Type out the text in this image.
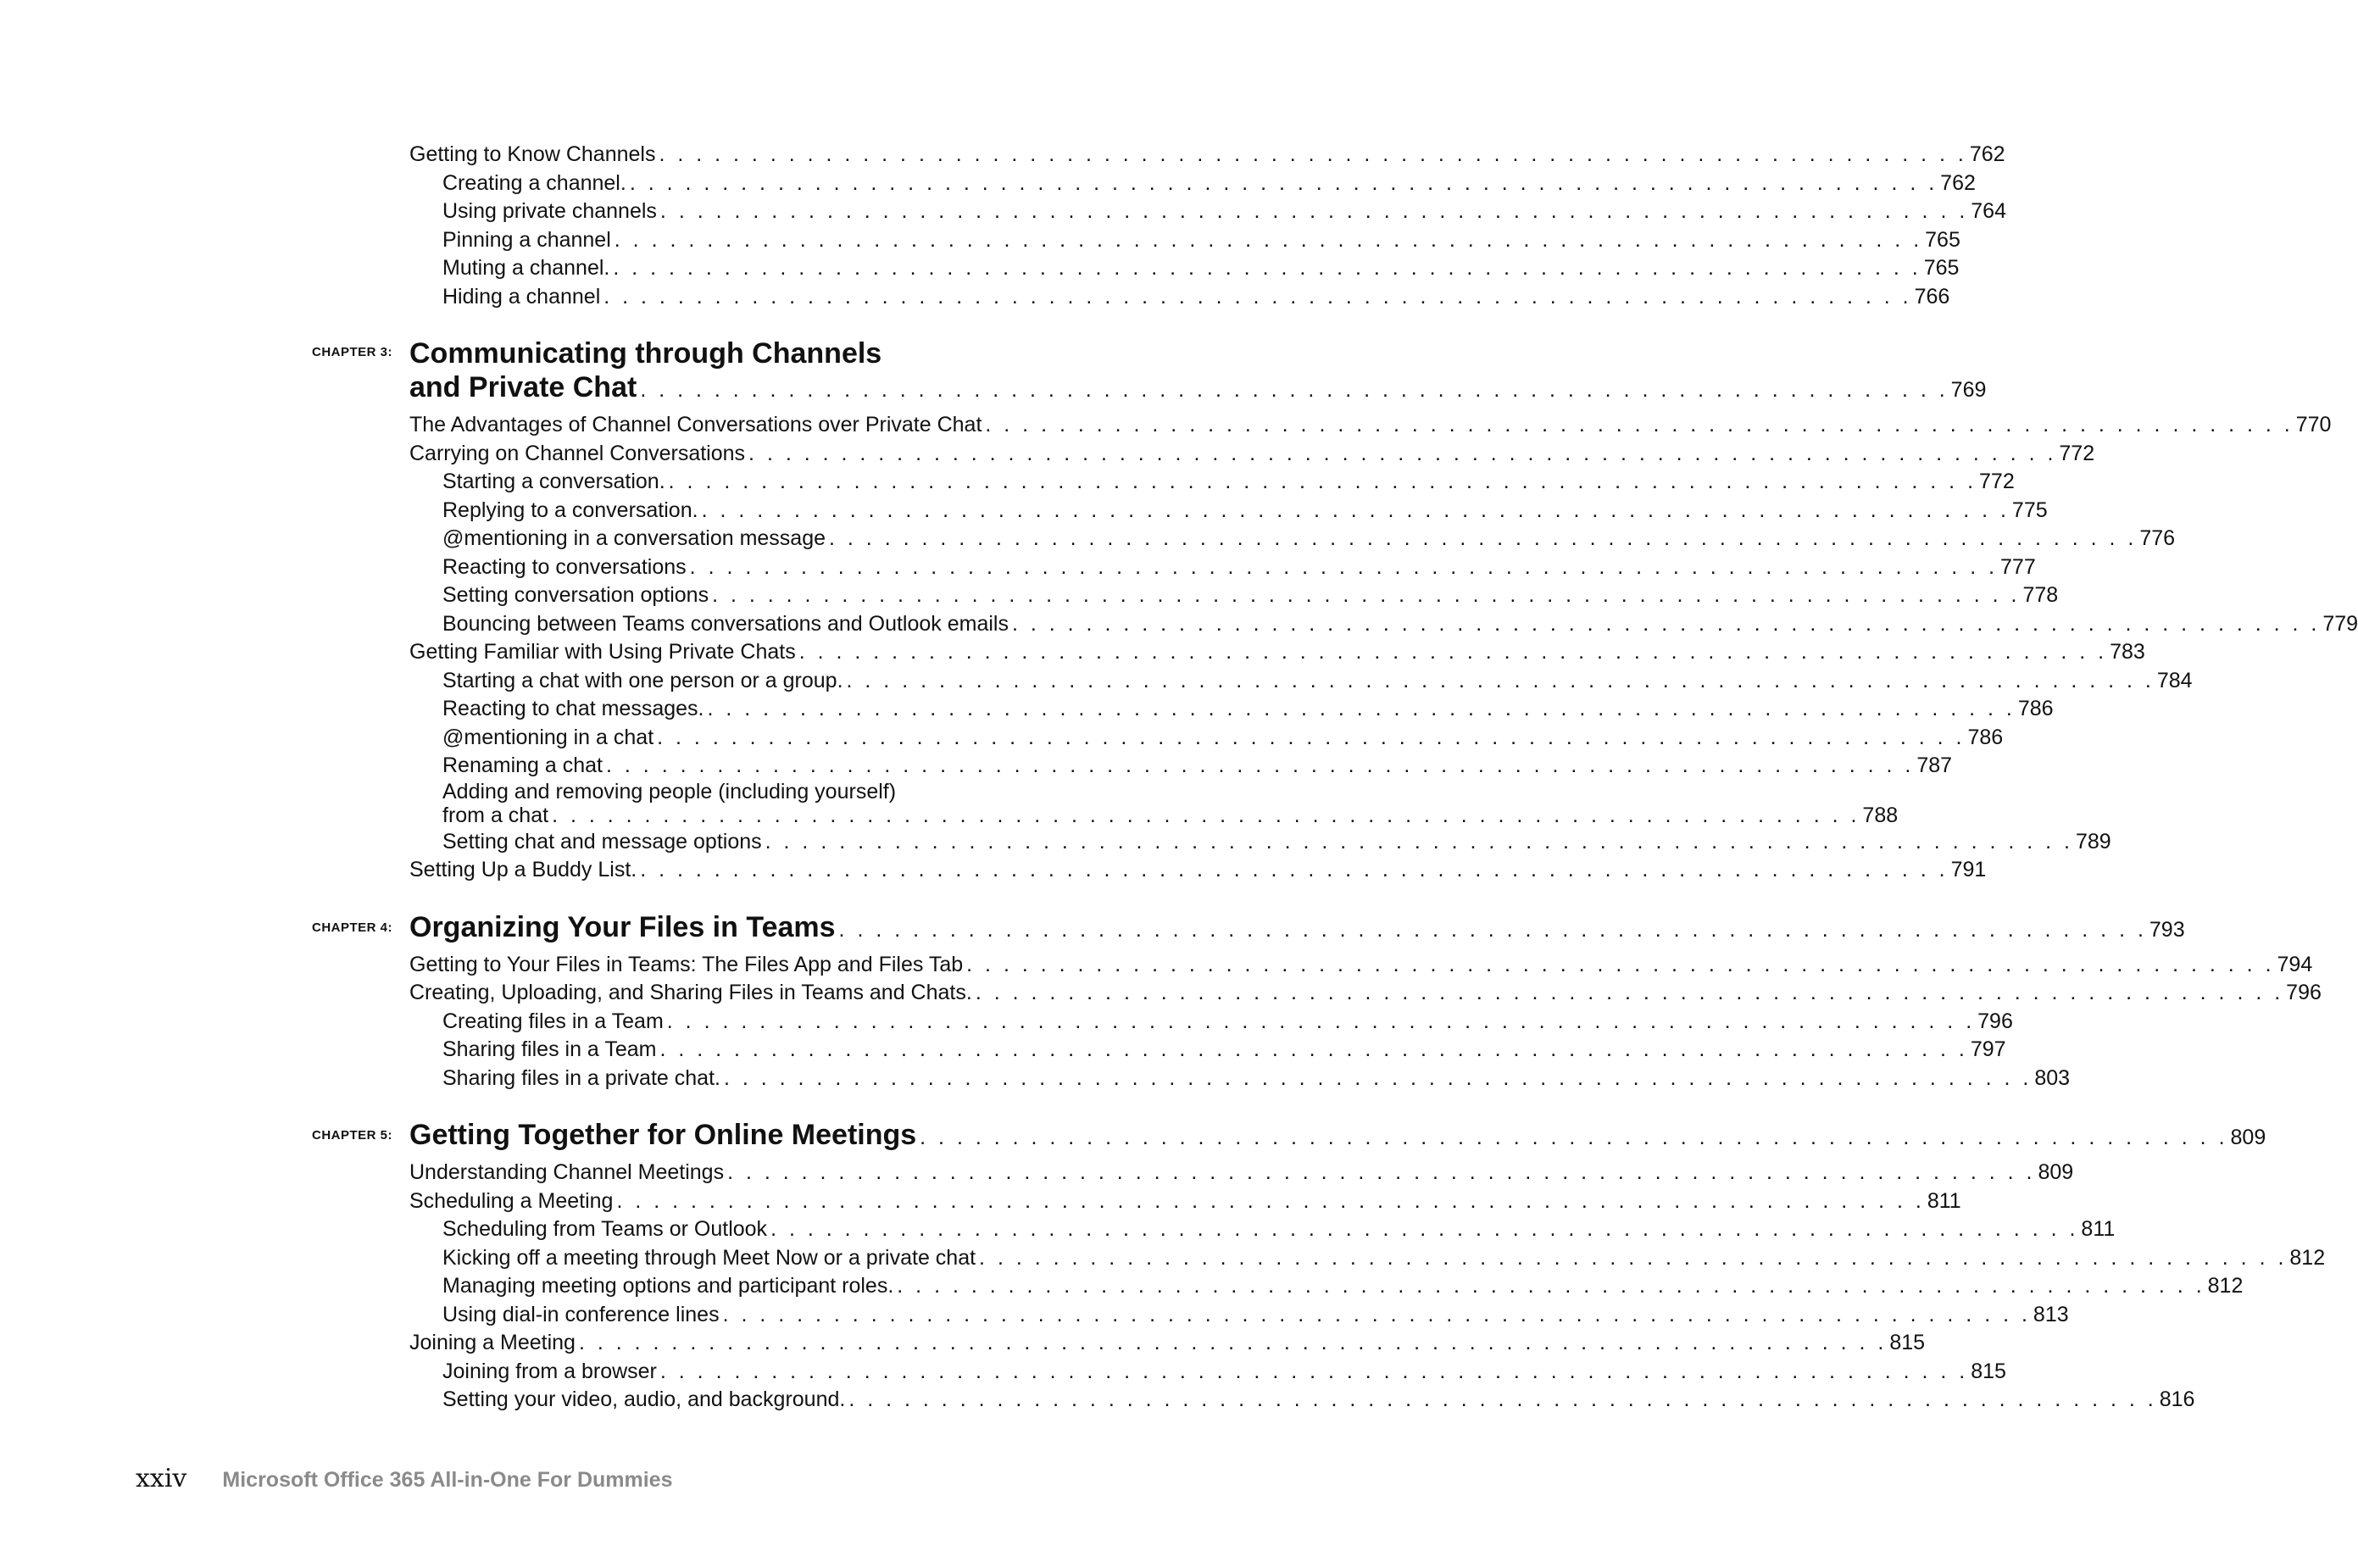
Getting to Know Channels . . . . . . . . . . . . . . . . . . . . . . . . . . . . . . . . . . . . . . . . . . . . . . . . . . . . . . . . . . . . . . . . . . . . . . . 762
Creating a channel. . . . . . . . . . . . . . . . . . . . . . . . . . . . . . . . . . . . . . . . . . . . . . . . . . . . . . . . . . . . . . . . . . . . . . . . 762
Using private channels . . . . . . . . . . . . . . . . . . . . . . . . . . . . . . . . . . . . . . . . . . . . . . . . . . . . . . . . . . . . . . . . . . . . . . . 764
Pinning a channel . . . . . . . . . . . . . . . . . . . . . . . . . . . . . . . . . . . . . . . . . . . . . . . . . . . . . . . . . . . . . . . . . . . . . . . 765
Muting a channel. . . . . . . . . . . . . . . . . . . . . . . . . . . . . . . . . . . . . . . . . . . . . . . . . . . . . . . . . . . . . . . . . . . . . . . . 765
Hiding a channel . . . . . . . . . . . . . . . . . . . . . . . . . . . . . . . . . . . . . . . . . . . . . . . . . . . . . . . . . . . . . . . . . . . . . . . 766
CHAPTER 3: Communicating through Channels
and Private Chat . . . . . . . . . . . . . . . . . . . . . . . . . . . . . . . . . . . . . . . . . . . . . . . . . . . . . . . . . . . . . . . . . . . . . . . 769
The Advantages of Channel Conversations over Private Chat . . . . . . . . . . . . . . . . . . . . . . . . . . . . . . . . . . . . . . . . . . . . . . . . . . . . . . . . . . . . . . . . . . . . . . . 770
Carrying on Channel Conversations . . . . . . . . . . . . . . . . . . . . . . . . . . . . . . . . . . . . . . . . . . . . . . . . . . . . . . . . . . . . . . . . . . . . . . . 772
Starting a conversation. . . . . . . . . . . . . . . . . . . . . . . . . . . . . . . . . . . . . . . . . . . . . . . . . . . . . . . . . . . . . . . . . . . . . . . . 772
Replying to a conversation. . . . . . . . . . . . . . . . . . . . . . . . . . . . . . . . . . . . . . . . . . . . . . . . . . . . . . . . . . . . . . . . . . . . . . . . 775
@mentioning in a conversation message . . . . . . . . . . . . . . . . . . . . . . . . . . . . . . . . . . . . . . . . . . . . . . . . . . . . . . . . . . . . . . . . . . . . . . . 776
Reacting to conversations . . . . . . . . . . . . . . . . . . . . . . . . . . . . . . . . . . . . . . . . . . . . . . . . . . . . . . . . . . . . . . . . . . . . . . . 777
Setting conversation options . . . . . . . . . . . . . . . . . . . . . . . . . . . . . . . . . . . . . . . . . . . . . . . . . . . . . . . . . . . . . . . . . . . . . . . 778
Bouncing between Teams conversations and Outlook emails . . . . . . . . . . . . . . . . . . . . . . . . . . . . . . . . . . . . . . . . . . . . . . . . . . . . . . . . . . . . . . . . . . . . . . . 779
Getting Familiar with Using Private Chats . . . . . . . . . . . . . . . . . . . . . . . . . . . . . . . . . . . . . . . . . . . . . . . . . . . . . . . . . . . . . . . . . . . . . . . 783
Starting a chat with one person or a group. . . . . . . . . . . . . . . . . . . . . . . . . . . . . . . . . . . . . . . . . . . . . . . . . . . . . . . . . . . . . . . . . . . . . . . . 784
Reacting to chat messages. . . . . . . . . . . . . . . . . . . . . . . . . . . . . . . . . . . . . . . . . . . . . . . . . . . . . . . . . . . . . . . . . . . . . . . . 786
@mentioning in a chat . . . . . . . . . . . . . . . . . . . . . . . . . . . . . . . . . . . . . . . . . . . . . . . . . . . . . . . . . . . . . . . . . . . . . . . 786
Renaming a chat . . . . . . . . . . . . . . . . . . . . . . . . . . . . . . . . . . . . . . . . . . . . . . . . . . . . . . . . . . . . . . . . . . . . . . . 787
Adding and removing people (including yourself)
from a chat . . . . . . . . . . . . . . . . . . . . . . . . . . . . . . . . . . . . . . . . . . . . . . . . . . . . . . . . . . . . . . . . . . . . . . . 788
Setting chat and message options . . . . . . . . . . . . . . . . . . . . . . . . . . . . . . . . . . . . . . . . . . . . . . . . . . . . . . . . . . . . . . . . . . . . . . . 789
Setting Up a Buddy List. . . . . . . . . . . . . . . . . . . . . . . . . . . . . . . . . . . . . . . . . . . . . . . . . . . . . . . . . . . . . . . . . . . . . . . . 791
CHAPTER 4: Organizing Your Files in Teams . . . . . . . . . . . . . . . . . . . . . . . . . . . . . . . . . . . . . . . . . . . . . . . . . . . . . . . . . . . . . . . . . . . . . . . 793
Getting to Your Files in Teams: The Files App and Files Tab . . . . . . . . . . . . . . . . . . . . . . . . . . . . . . . . . . . . . . . . . . . . . . . . . . . . . . . . . . . . . . . . . . . . . . . 794
Creating, Uploading, and Sharing Files in Teams and Chats. . . . . . . . . . . . . . . . . . . . . . . . . . . . . . . . . . . . . . . . . . . . . . . . . . . . . . . . . . . . . . . . . . . . . . . . 796
Creating files in a Team . . . . . . . . . . . . . . . . . . . . . . . . . . . . . . . . . . . . . . . . . . . . . . . . . . . . . . . . . . . . . . . . . . . . . . . 796
Sharing files in a Team . . . . . . . . . . . . . . . . . . . . . . . . . . . . . . . . . . . . . . . . . . . . . . . . . . . . . . . . . . . . . . . . . . . . . . . 797
Sharing files in a private chat. . . . . . . . . . . . . . . . . . . . . . . . . . . . . . . . . . . . . . . . . . . . . . . . . . . . . . . . . . . . . . . . . . . . . . . . 803
CHAPTER 5: Getting Together for Online Meetings . . . . . . . . . . . . . . . . . . . . . . . . . . . . . . . . . . . . . . . . . . . . . . . . . . . . . . . . . . . . . . . . . . . . . . . 809
Understanding Channel Meetings . . . . . . . . . . . . . . . . . . . . . . . . . . . . . . . . . . . . . . . . . . . . . . . . . . . . . . . . . . . . . . . . . . . . . . . 809
Scheduling a Meeting . . . . . . . . . . . . . . . . . . . . . . . . . . . . . . . . . . . . . . . . . . . . . . . . . . . . . . . . . . . . . . . . . . . . . . . 811
Scheduling from Teams or Outlook . . . . . . . . . . . . . . . . . . . . . . . . . . . . . . . . . . . . . . . . . . . . . . . . . . . . . . . . . . . . . . . . . . . . . . . 811
Kicking off a meeting through Meet Now or a private chat . . . . . . . . . . . . . . . . . . . . . . . . . . . . . . . . . . . . . . . . . . . . . . . . . . . . . . . . . . . . . . . . . . . . . . . 812
Managing meeting options and participant roles. . . . . . . . . . . . . . . . . . . . . . . . . . . . . . . . . . . . . . . . . . . . . . . . . . . . . . . . . . . . . . . . . . . . . . . . 812
Using dial-in conference lines . . . . . . . . . . . . . . . . . . . . . . . . . . . . . . . . . . . . . . . . . . . . . . . . . . . . . . . . . . . . . . . . . . . . . . . 813
Joining a Meeting . . . . . . . . . . . . . . . . . . . . . . . . . . . . . . . . . . . . . . . . . . . . . . . . . . . . . . . . . . . . . . . . . . . . . . . 815
Joining from a browser . . . . . . . . . . . . . . . . . . . . . . . . . . . . . . . . . . . . . . . . . . . . . . . . . . . . . . . . . . . . . . . . . . . . . . . 815
Setting your video, audio, and background. . . . . . . . . . . . . . . . . . . . . . . . . . . . . . . . . . . . . . . . . . . . . . . . . . . . . . . . . . . . . . . . . . . . . . . . 816
xxiv Microsoft Office 365 All-in-One For Dummies
